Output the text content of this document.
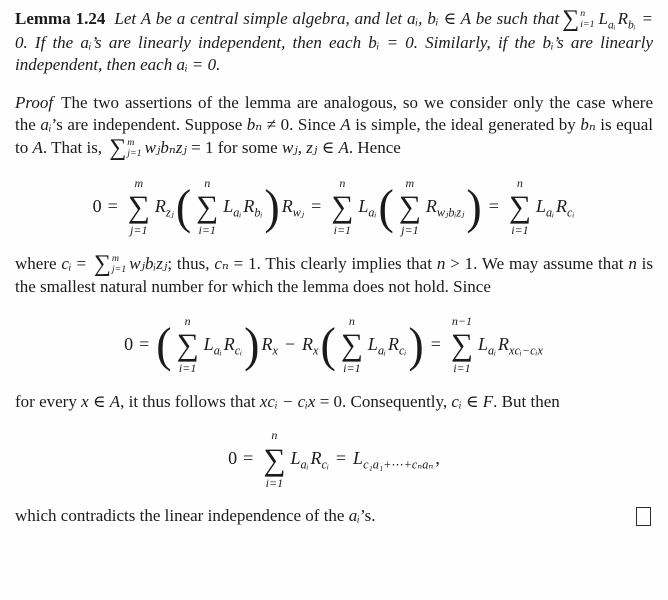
Lemma 1.24 Let A be a central simple algebra, and let aᵢ, bᵢ ∈ A be such that ∑ n
i=1 $L_{aᵢ}$ $R_{bᵢ} = 0$. If the aᵢ’s are linearly independent, then each bᵢ = 0. Similarly, if the bᵢ’s are linearly independent, then each aᵢ = 0.

Proof The two assertions of the lemma are analogous, so we consider only the case where the aᵢ’s are independent. Suppose bₙ ≠ 0. Since A is simple, the ideal generated by bₙ is equal to A. That is, ∑ m
j=1 wⱼbₙzⱼ = 1 for some wⱼ, zⱼ ∈ A. Hence

0 =
m
∑
j=1
$R_{zⱼ}$ ( n
∑
i=1
$L_{aᵢ}$ $R_{bᵢ}$ ) $R_{wⱼ}$ =
n
∑
i=1
$L_{aᵢ}$ ( m
∑
j=1
$R_{wⱼbᵢzⱼ}$ ) =
n
∑
i=1
$L_{aᵢ}$ $R_{cᵢ}$

where cᵢ = ∑ m
j=1 wⱼbᵢzⱼ; thus, cₙ = 1. This clearly implies that n > 1. We may assume that n is the smallest natural number for which the lemma does not hold. Since

0 = ( n
∑
i=1
$L_{aᵢ}$ $R_{cᵢ}$ ) $R_x - R_x$ ( n
∑
i=1
$L_{aᵢ}$ $R_{cᵢ}$ ) =
n−1
∑
i=1
$L_{aᵢ}$ $R_{xcᵢ-cᵢx}$

for every x ∈ A, it thus follows that xcᵢ − cᵢx = 0. Consequently, cᵢ ∈ F. But then

0 =
n
∑
i=1
$L_{aᵢ}$ $R_{cᵢ} = L_{c_1a_1+\cdots+c_na_n}$ ,

which contradicts the linear independence of the aᵢ’s.
